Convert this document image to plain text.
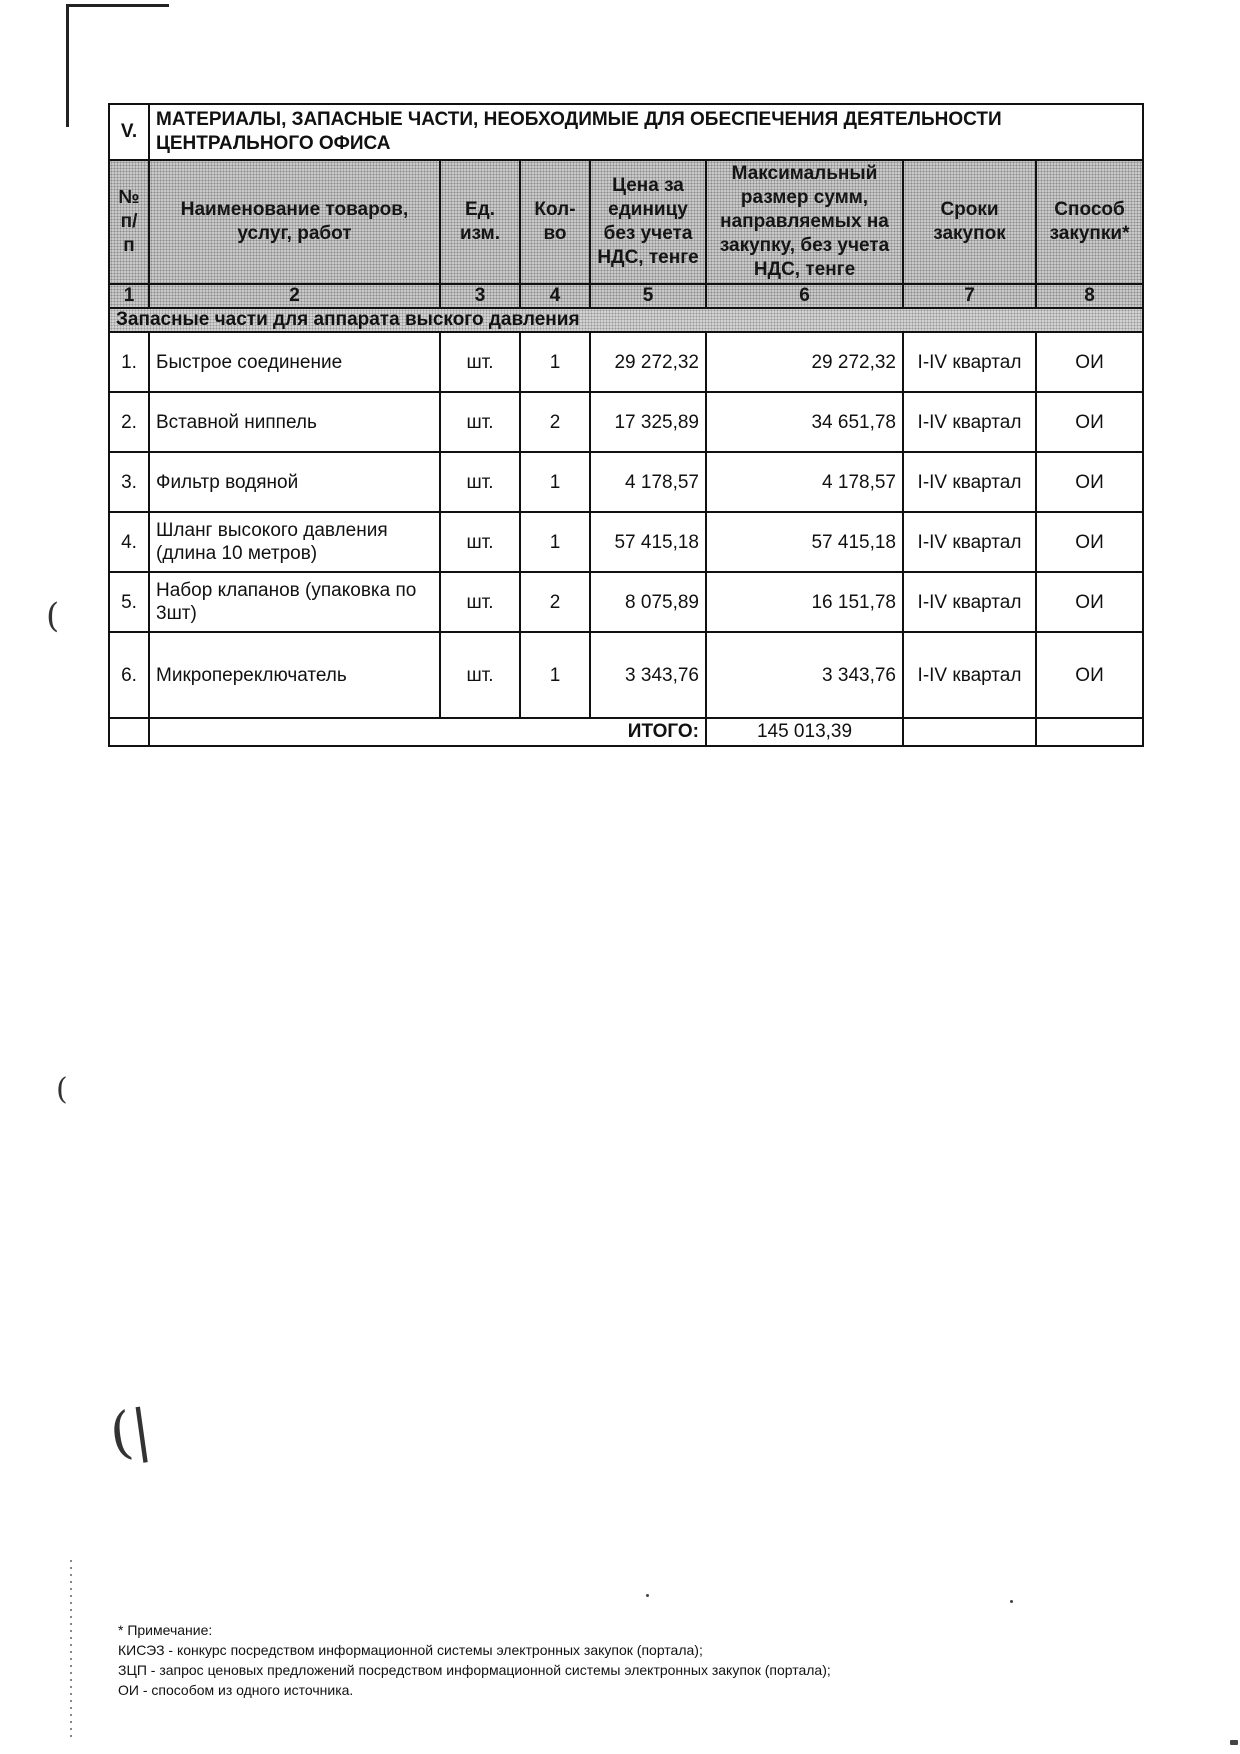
(
(
(|
V.	МАТЕРИАЛЫ, ЗАПАСНЫЕ ЧАСТИ, НЕОБХОДИМЫЕ ДЛЯ ОБЕСПЕЧЕНИЯ ДЕЯТЕЛЬНОСТИ ЦЕНТРАЛЬНОГО ОФИСА						
№ п/п	Наименование товаров, услуг, работ	Ед. изм.	Кол-во	Цена за единицу без учета НДС, тенге	Максимальный размер сумм, направляемых на закупку, без учета НДС, тенге	Сроки закупок	Способ закупки*
1	2	3	4	5	6	7	8
Запасные части для аппарата выского давления							
1.	Быстрое соединение	шт.	1	29 272,32	29 272,32	I-IV квартал	ОИ
2.	Вставной ниппель	шт.	2	17 325,89	34 651,78	I-IV квартал	ОИ
3.	Фильтр водяной	шт.	1	4 178,57	4 178,57	I-IV квартал	ОИ
4.	Шланг высокого давления (длина 10 метров)	шт.	1	57 415,18	57 415,18	I-IV квартал	ОИ
5.	Набор клапанов (упаковка по 3шт)	шт.	2	8 075,89	16 151,78	I-IV квартал	ОИ
6.	Микропереключатель	шт.	1	3 343,76	3 343,76	I-IV квартал	ОИ
	ИТОГО:				145 013,39		
* Примечание:
КИСЭЗ - конкурс посредством информационной системы электронных закупок (портала);
ЗЦП - запрос ценовых предложений посредством информационной системы электронных закупок (портала);
ОИ - способом из одного источника.
